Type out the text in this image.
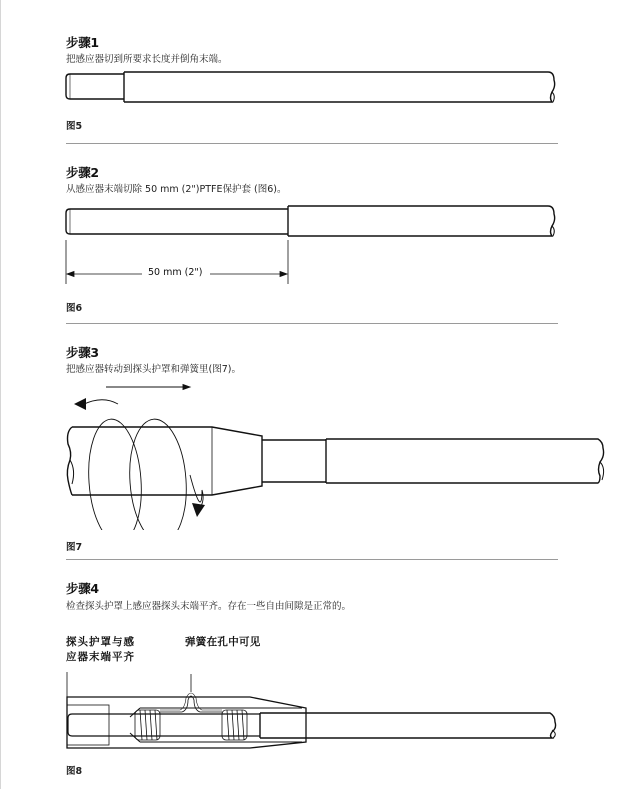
步骤1
把感应器切到所要求长度并倒角末端。
图5
步骤2
从感应器末端切除 50 mm (2")PTFE保护套 (图6)。
50 mm (2")
图6
步骤3
把感应器转动到探头护罩和弹簧里(图7)。
图7
步骤4
检查探头护罩上感应器探头末端平齐。存在一些自由间隙是正常的。
探头护罩与感
应器末端平齐
弹簧在孔中可见
图8
